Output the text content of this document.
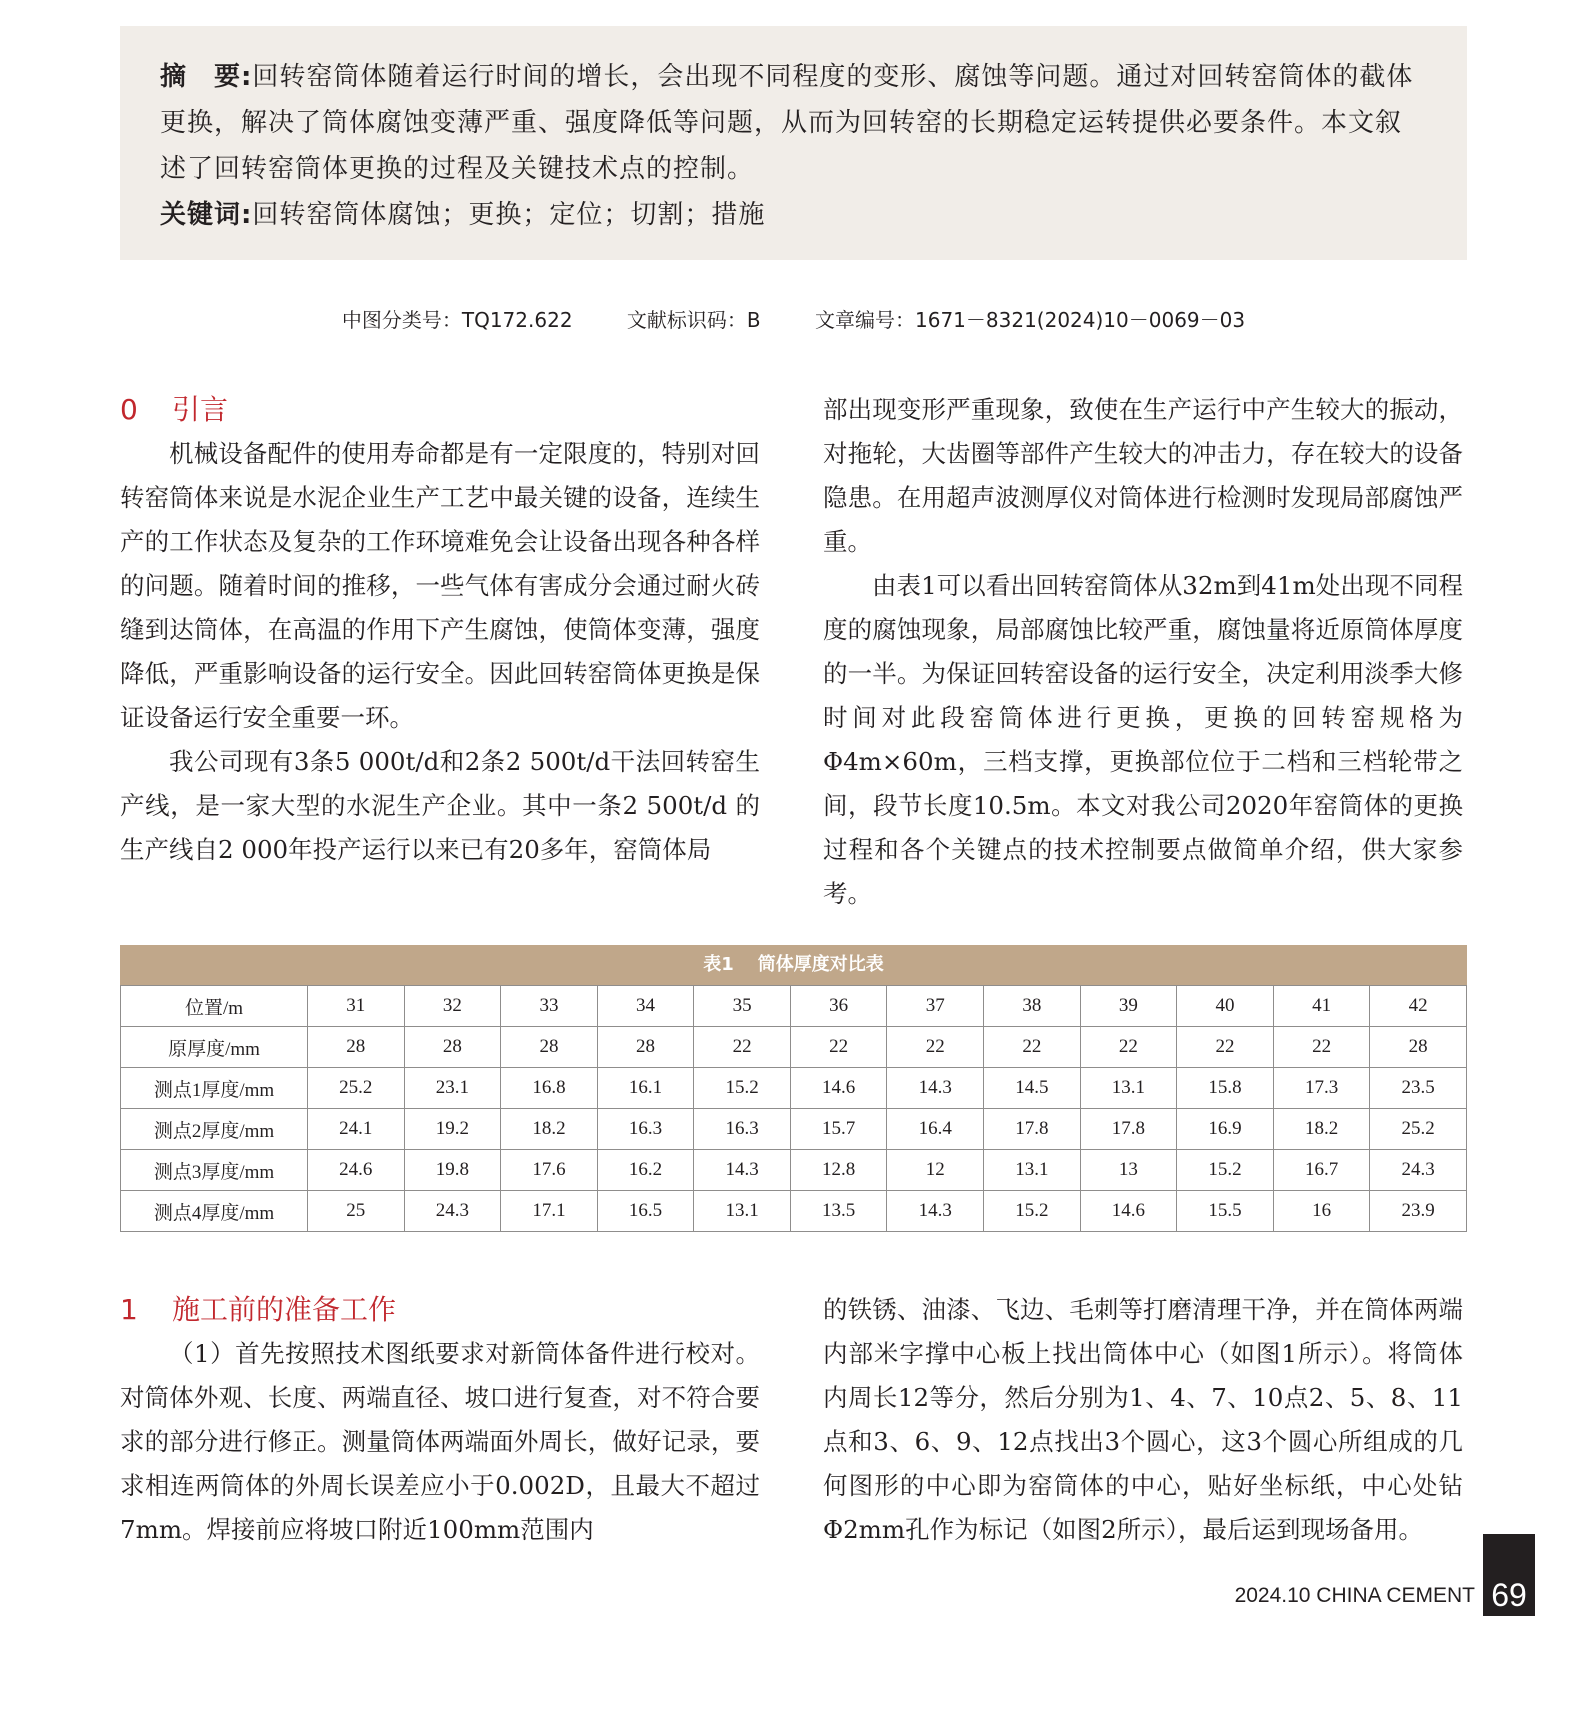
摘　要:回转窑筒体随着运行时间的增长，会出现不同程度的变形、腐蚀等问题。通过对回转窑筒体的截体更换，解决了筒体腐蚀变薄严重、强度降低等问题，从而为回转窑的长期稳定运转提供必要条件。本文叙述了回转窑筒体更换的过程及关键技术点的控制。

关键词:回转窑筒体腐蚀；更换；定位；切割；措施

中图分类号：TQ172.622	文献标识码：B	文章编号：1671－8321(2024)10－0069－03
0 引言

机械设备配件的使用寿命都是有一定限度的，特别对回转窑筒体来说是水泥企业生产工艺中最关键的设备，连续生产的工作状态及复杂的工作环境难免会让设备出现各种各样的问题。随着时间的推移，一些气体有害成分会通过耐火砖缝到达筒体，在高温的作用下产生腐蚀，使筒体变薄，强度降低，严重影响设备的运行安全。因此回转窑筒体更换是保证设备运行安全重要一环。

我公司现有3条5 000t/d和2条2 500t/d干法回转窑生产线，是一家大型的水泥生产企业。其中一条2 500t/d 的生产线自2 000年投产运行以来已有20多年，窑筒体局

部出现变形严重现象，致使在生产运行中产生较大的振动，对拖轮，大齿圈等部件产生较大的冲击力，存在较大的设备隐患。在用超声波测厚仪对筒体进行检测时发现局部腐蚀严重。

由表1可以看出回转窑筒体从32m到41m处出现不同程度的腐蚀现象，局部腐蚀比较严重，腐蚀量将近原筒体厚度的一半。为保证回转窑设备的运行安全，决定利用淡季大修时间对此段窑筒体进行更换，更换的回转窑规格为Φ4m×60m，三档支撑，更换部位位于二档和三档轮带之间，段节长度10.5m。本文对我公司2020年窑筒体的更换过程和各个关键点的技术控制要点做简单介绍，供大家参考。

表1 筒体厚度对比表
位置/m	31	32	33	34	35	36	37	38	39	40	41	42
原厚度/mm	28	28	28	28	22	22	22	22	22	22	22	28
测点1厚度/mm	25.2	23.1	16.8	16.1	15.2	14.6	14.3	14.5	13.1	15.8	17.3	23.5
测点2厚度/mm	24.1	19.2	18.2	16.3	16.3	15.7	16.4	17.8	17.8	16.9	18.2	25.2
测点3厚度/mm	24.6	19.8	17.6	16.2	14.3	12.8	12	13.1	13	15.2	16.7	24.3
测点4厚度/mm	25	24.3	17.1	16.5	13.1	13.5	14.3	15.2	14.6	15.5	16	23.9
1 施工前的准备工作

（1）首先按照技术图纸要求对新筒体备件进行校对。对筒体外观、长度、两端直径、坡口进行复查，对不符合要求的部分进行修正。测量筒体两端面外周长，做好记录，要求相连两筒体的外周长误差应小于0.002D，且最大不超过7mm。焊接前应将坡口附近100mm范围内

的铁锈、油漆、飞边、毛刺等打磨清理干净，并在筒体两端内部米字撑中心板上找出筒体中心（如图1所示）。将筒体内周长12等分，然后分别为1、4、7、10点2、5、8、11点和3、6、9、12点找出3个圆心，这3个圆心所组成的几何图形的中心即为窑筒体的中心，贴好坐标纸，中心处钻Φ2mm孔作为标记（如图2所示），最后运到现场备用。

2024.10 CHINA CEMENT 69
